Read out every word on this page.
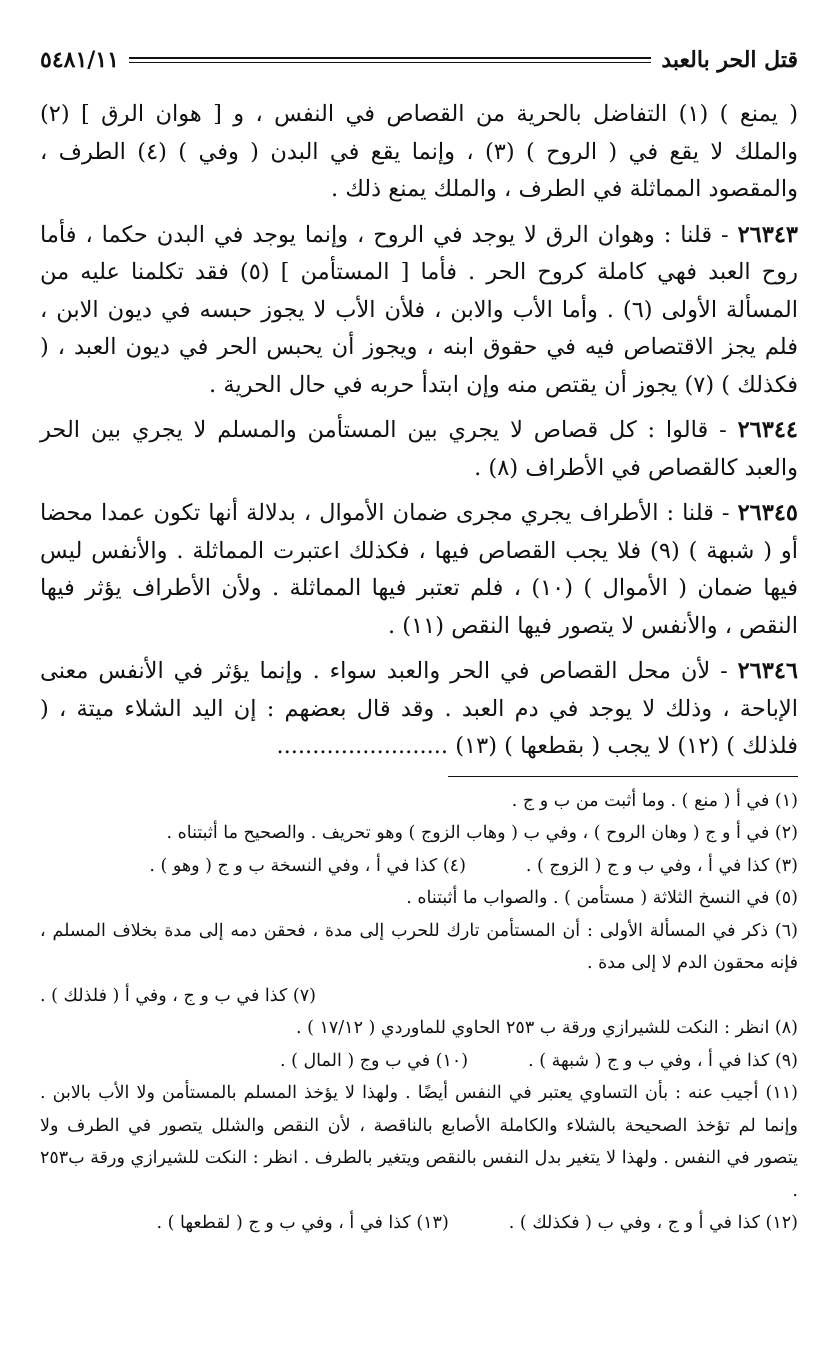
قتل الحر بالعبد
٥٤٨١/١١

( يمنع ) (١) التفاضل بالحرية من القصاص في النفس ، و [ هوان الرق ] (٢) والملك لا يقع في ( الروح ) (٣) ، وإنما يقع في البدن ( وفي ) (٤) الطرف ، والمقصود المماثلة في الطرف ، والملك يمنع ذلك .

٢٦٣٤٣ - قلنا : وهوان الرق لا يوجد في الروح ، وإنما يوجد في البدن حكما ، فأما روح العبد فهي كاملة كروح الحر . فأما [ المستأمن ] (٥) فقد تكلمنا عليه من المسألة الأولى (٦) . وأما الأب والابن ، فلأن الأب لا يجوز حبسه في ديون الابن ، فلم يجز الاقتصاص فيه في حقوق ابنه ، ويجوز أن يحبس الحر في ديون العبد ، ( فكذلك ) (٧) يجوز أن يقتص منه وإن ابتدأ حربه في حال الحرية .

٢٦٣٤٤ - قالوا : كل قصاص لا يجري بين المستأمن والمسلم لا يجري بين الحر والعبد كالقصاص في الأطراف (٨) .

٢٦٣٤٥ - قلنا : الأطراف يجري مجرى ضمان الأموال ، بدلالة أنها تكون عمدا محضا أو ( شبهة ) (٩) فلا يجب القصاص فيها ، فكذلك اعتبرت المماثلة . والأنفس ليس فيها ضمان ( الأموال ) (١٠) ، فلم تعتبر فيها المماثلة . ولأن الأطراف يؤثر فيها النقص ، والأنفس لا يتصور فيها النقص (١١) .

٢٦٣٤٦ - لأن محل القصاص في الحر والعبد سواء . وإنما يؤثر في الأنفس معنى الإباحة ، وذلك لا يوجد في دم العبد . وقد قال بعضهم : إن اليد الشلاء ميتة ، ( فلذلك ) (١٢) لا يجب ( بقطعها ) (١٣) ........................

(١) في أ ( منع ) . وما أثبت من ب و ج .

(٢) في أ و ج ( وهان الروح ) ، وفي ب ( وهاب الزوج ) وهو تحريف . والصحيح ما أثبتناه .

(٣) كذا في أ ، وفي ب و ج ( الزوج ) .

(٤) كذا في أ ، وفي النسخة ب و ج ( وهو ) .

(٥) في النسخ الثلاثة ( مستأمن ) . والصواب ما أثبتناه .

(٦) ذكر في المسألة الأولى : أن المستأمن تارك للحرب إلى مدة ، فحقن دمه إلى مدة بخلاف المسلم ، فإنه محقون الدم لا إلى مدة .

(٧) كذا في ب و ج ، وفي أ ( فلذلك ) .

(٨) انظر : النكت للشيرازي ورقة ب ٢٥٣ الحاوي للماوردي ( ١٧/١٢ ) .

(٩) كذا في أ ، وفي ب و ج ( شبهة ) .

(١٠) في ب وج ( المال ) .

(١١) أجيب عنه : بأن التساوي يعتبر في النفس أيضًا . ولهذا لا يؤخذ المسلم بالمستأمن ولا الأب بالابن . وإنما لم تؤخذ الصحيحة بالشلاء والكاملة الأصابع بالناقصة ، لأن النقص والشلل يتصور في الطرف ولا يتصور في النفس . ولهذا لا يتغير بدل النفس بالنقص ويتغير بالطرف . انظر : النكت للشيرازي ورقة ب٢٥٣ .

(١٢) كذا في أ و ج ، وفي ب ( فكذلك ) .

(١٣) كذا في أ ، وفي ب و ج ( لقطعها ) .
